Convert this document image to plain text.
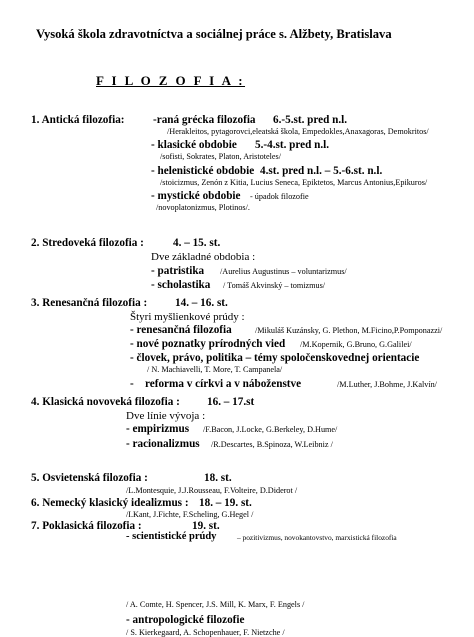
Vysoká škola zdravotníctva a sociálnej práce s. Alžbety, Bratislava
F I L O Z O F I A :
1. Antická filozofia:	-raná grécka filozofia 6.-5.st. pred n.l.
/Herakleitos, pytagorovci,eleatská škola, Empedokles,Anaxagoras, Demokritos/
- klasické obdobie 5.-4.st. pred n.l.
/sofisti, Sokrates, Platon, Aristoteles/
- helenistické obdobie 4.st. pred n.l. – 5.-6.st. n.l.
/stoicizmus, Zenón z Kitia, Lucius Seneca, Epiktetos, Marcus Antonius,Epikuros/
- mystické obdobie - úpadok filozofie
/novoplatonizmus, Plotinos/.
2. Stredoveká filozofia :	4. – 15. st.
Dve základné obdobia :
- patristika /Aurelius Augustinus – voluntarizmus/
- scholastika / Tomáš Akvinský – tomizmus/
3. Renesančná filozofia : 14. – 16. st.
Štyri myšlienkové prúdy :
- renesančná filozofia	/Mikuláš Kuzánsky, G. Plethon, M.Ficino,P.Pomponazzi/
- nové poznatky prírodných vied /M.Kopernik, G.Bruno, G.Galilei/
- človek, právo, politika – témy spoločenskovednej orientacie
/ N. Machiavelli, T. More, T. Campanela/
- reforma v církvi a v náboženstve	/M.Luther, J.Bohme, J.Kalvín/
4. Klasická novoveká filozofia : 16. – 17.st
Dve línie vývoja :
- empirizmus /F.Bacon, J.Locke, G.Berkeley, D.Hume/
- racionalizmus /R.Descartes, B.Spinoza, W.Leibniz /
5. Osvietenská filozofia :	18. st.
/L.Montesquie, J.J.Rousseau, F.Volteire, D.Diderot /
6. Nemecký klasický idealizmus : 18. – 19. st.
/I.Kant, J.Fichte, F.Scheling, G.Hegel /
7. Poklasická filozofia :	19. st.
- scientistické prúdy	– pozitivizmus, novokantovstvo, marxistická filozofia
/ A. Comte, H. Spencer, J.S. Mill, K. Marx, F. Engels /
- antropologické filozofie
/ S. Kierkegaard, A. Schopenhauer, F. Nietzche /
